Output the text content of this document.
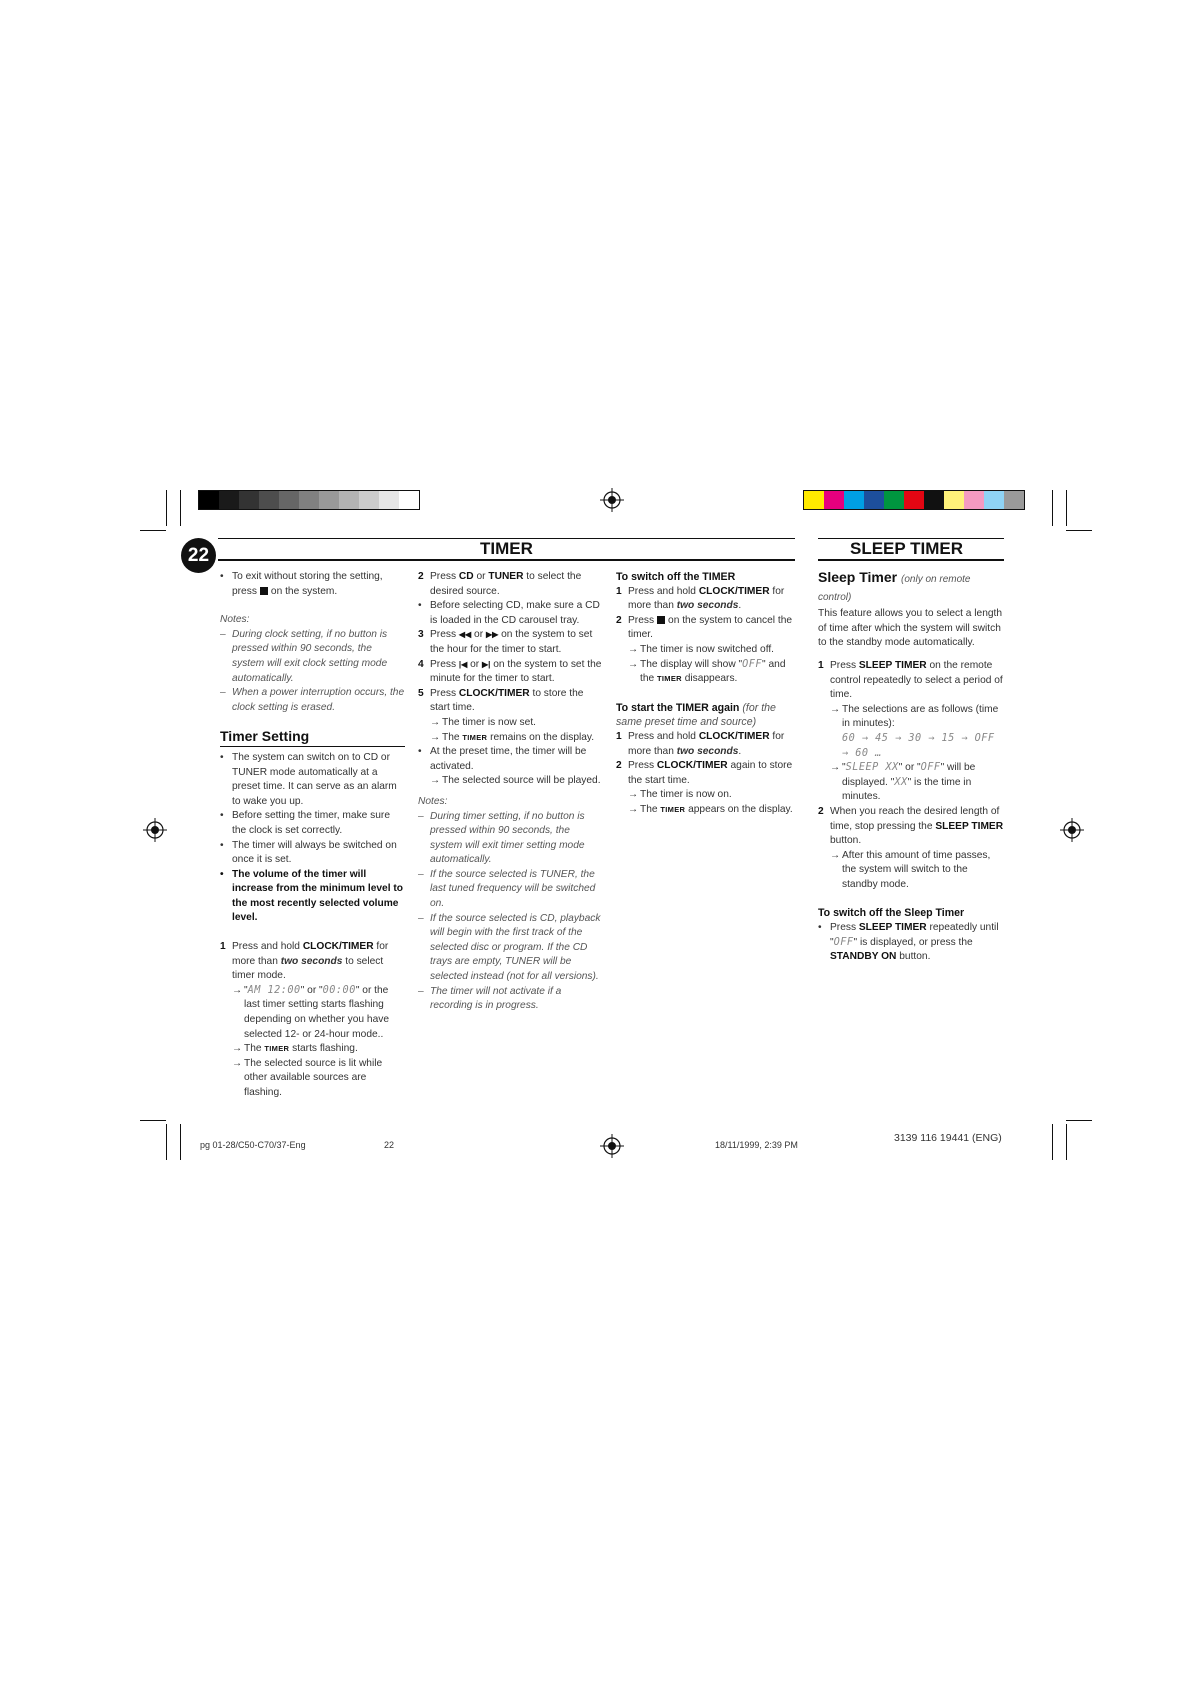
22	TIMER	SLEEP TIMER

• To exit without storing the setting,
press on the system.

Notes:

– During clock setting, if no button is pressed within 90 seconds, the system will exit clock setting mode automatically.

– When a power interruption occurs, the clock setting is erased.

Timer Setting

• The system can switch on to CD or TUNER mode automatically at a preset time. It can serve as an alarm to wake you up.

• Before setting the timer, make sure the clock is set correctly.

• The timer will always be switched on once it is set.

• The volume of the timer will increase from the minimum level to the most recently selected volume level.

1 Press and hold CLOCK/TIMER for more than two seconds to select timer mode.

→ "AM 12:00" or "00:00" or the last timer setting starts flashing depending on whether you have selected 12- or 24-hour mode..

→ The TIMER starts flashing.

→ The selected source is lit while other available sources are flashing.

2 Press CD or TUNER to select the desired source.

• Before selecting CD, make sure a CD is loaded in the CD carousel tray.

3 Press ◀◀ or ▶▶ on the system to set the hour for the timer to start.

4 Press |◀ or ▶| on the system to set the minute for the timer to start.

5 Press CLOCK/TIMER to store the start time.

→ The timer is now set.

→ The TIMER remains on the display.

• At the preset time, the timer will be activated.

→ The selected source will be played.

Notes:

– During timer setting, if no button is pressed within 90 seconds, the system will exit timer setting mode automatically.

– If the source selected is TUNER, the last tuned frequency will be switched on.

– If the source selected is CD, playback will begin with the first track of the selected disc or program. If the CD trays are empty, TUNER will be selected instead (not for all versions).

– The timer will not activate if a recording is in progress.

To switch off the TIMER

1 Press and hold CLOCK/TIMER for more than two seconds.

2 Press on the system to cancel the timer.

→ The timer is now switched off.

→ The display will show "OFF" and the TIMER disappears.

To start the TIMER again (for the same preset time and source)

1 Press and hold CLOCK/TIMER for more than two seconds.

2 Press CLOCK/TIMER again to store the start time.

→ The timer is now on.

→ The TIMER appears on the display.

Sleep Timer (only on remote control)

This feature allows you to select a length of time after which the system will switch to the standby mode automatically.

1 Press SLEEP TIMER on the remote control repeatedly to select a period of time.

→ The selections are as follows (time in minutes):
60 → 45 → 30 → 15 → OFF → 60 …

→ "SLEEP XX" or "OFF" will be displayed. "XX" is the time in minutes.

2 When you reach the desired length of time, stop pressing the SLEEP TIMER button.

→ After this amount of time passes, the system will switch to the standby mode.

To switch off the Sleep Timer

• Press SLEEP TIMER repeatedly until "OFF" is displayed, or press the STANDBY ON button.

pg 01-28/C50-C70/37-Eng	22	18/11/1999, 2:39 PM
3139 116 19441 (ENG)
